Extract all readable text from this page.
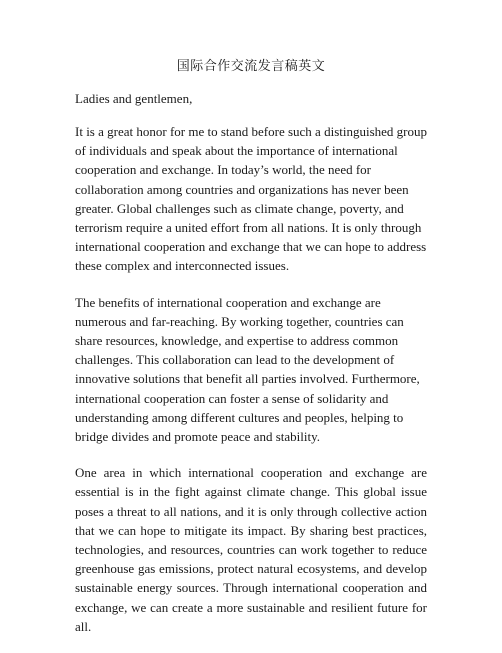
国际合作交流发言稿英文
Ladies and gentlemen,
It is a great honor for me to stand before such a distinguished group of individuals and speak about the importance of international cooperation and exchange. In today’s world, the need for collaboration among countries and organizations has never been greater. Global challenges such as climate change, poverty, and terrorism require a united effort from all nations. It is only through international cooperation and exchange that we can hope to address these complex and interconnected issues.
The benefits of international cooperation and exchange are numerous and far-reaching. By working together, countries can share resources, knowledge, and expertise to address common challenges. This collaboration can lead to the development of innovative solutions that benefit all parties involved. Furthermore, international cooperation can foster a sense of solidarity and understanding among different cultures and peoples, helping to bridge divides and promote peace and stability.
One area in which international cooperation and exchange are essential is in the fight against climate change. This global issue poses a threat to all nations, and it is only through collective action that we can hope to mitigate its impact. By sharing best practices, technologies, and resources, countries can work together to reduce greenhouse gas emissions, protect natural ecosystems, and develop sustainable energy sources. Through international cooperation and exchange, we can create a more sustainable and resilient future for all.
